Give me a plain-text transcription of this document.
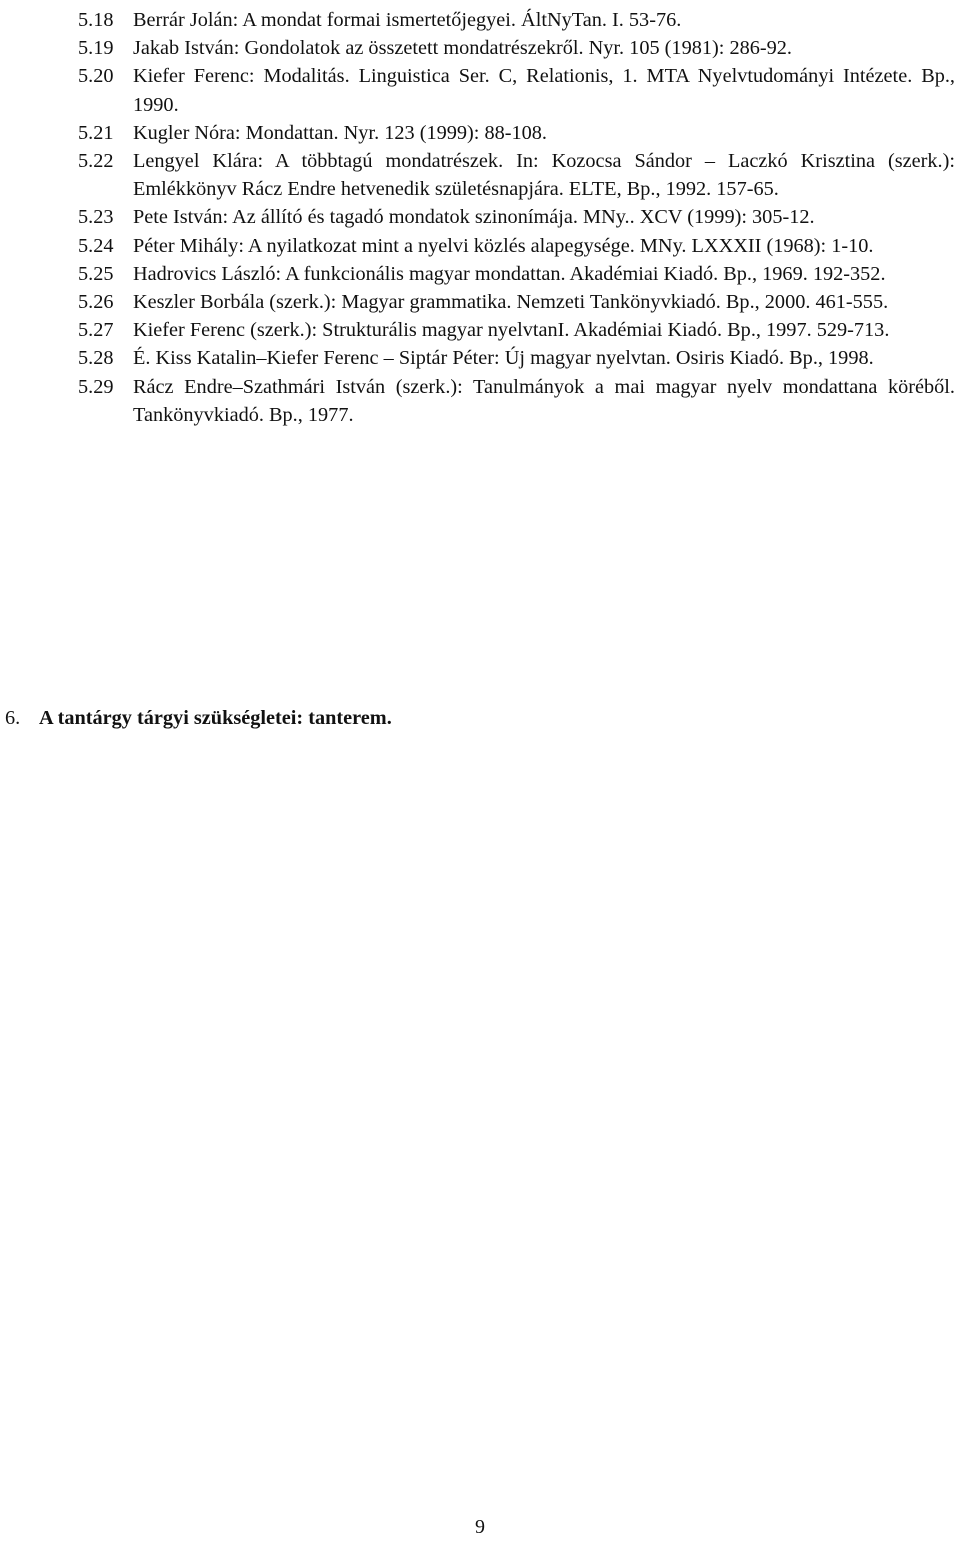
5.18 Berrár Jolán: A mondat formai ismertetőjegyei. ÁltNyTan. I. 53-76.
5.19 Jakab István: Gondolatok az összetett mondatrészekről. Nyr. 105 (1981): 286-92.
5.20 Kiefer Ferenc: Modalitás. Linguistica Ser. C, Relationis, 1. MTA Nyelvtudományi Intézete. Bp., 1990.
5.21 Kugler Nóra: Mondattan. Nyr. 123 (1999): 88-108.
5.22 Lengyel Klára: A többtagú mondatrészek. In: Kozocsa Sándor – Laczkó Krisztina (szerk.): Emlékkönyv Rácz Endre hetvenedik születésnapjára. ELTE, Bp., 1992. 157-65.
5.23 Pete István: Az állító és tagadó mondatok szinonímája. MNy.. XCV (1999): 305-12.
5.24 Péter Mihály: A nyilatkozat mint a nyelvi közlés alapegysége. MNy. LXXXII (1968): 1-10.
5.25 Hadrovics László: A funkcionális magyar mondattan. Akadémiai Kiadó. Bp., 1969. 192-352.
5.26 Keszler Borbála (szerk.): Magyar grammatika. Nemzeti Tankönyvkiadó. Bp., 2000. 461-555.
5.27 Kiefer Ferenc (szerk.): Strukturális magyar nyelvtanI. Akadémiai Kiadó. Bp., 1997. 529-713.
5.28 É. Kiss Katalin–Kiefer Ferenc – Siptár Péter: Új magyar nyelvtan. Osiris Kiadó. Bp., 1998.
5.29 Rácz Endre–Szathmári István (szerk.): Tanulmányok a mai magyar nyelv mondattana köréből. Tankönyvkiadó. Bp., 1977.
6. A tantárgy tárgyi szükségletei: tanterem.
9
